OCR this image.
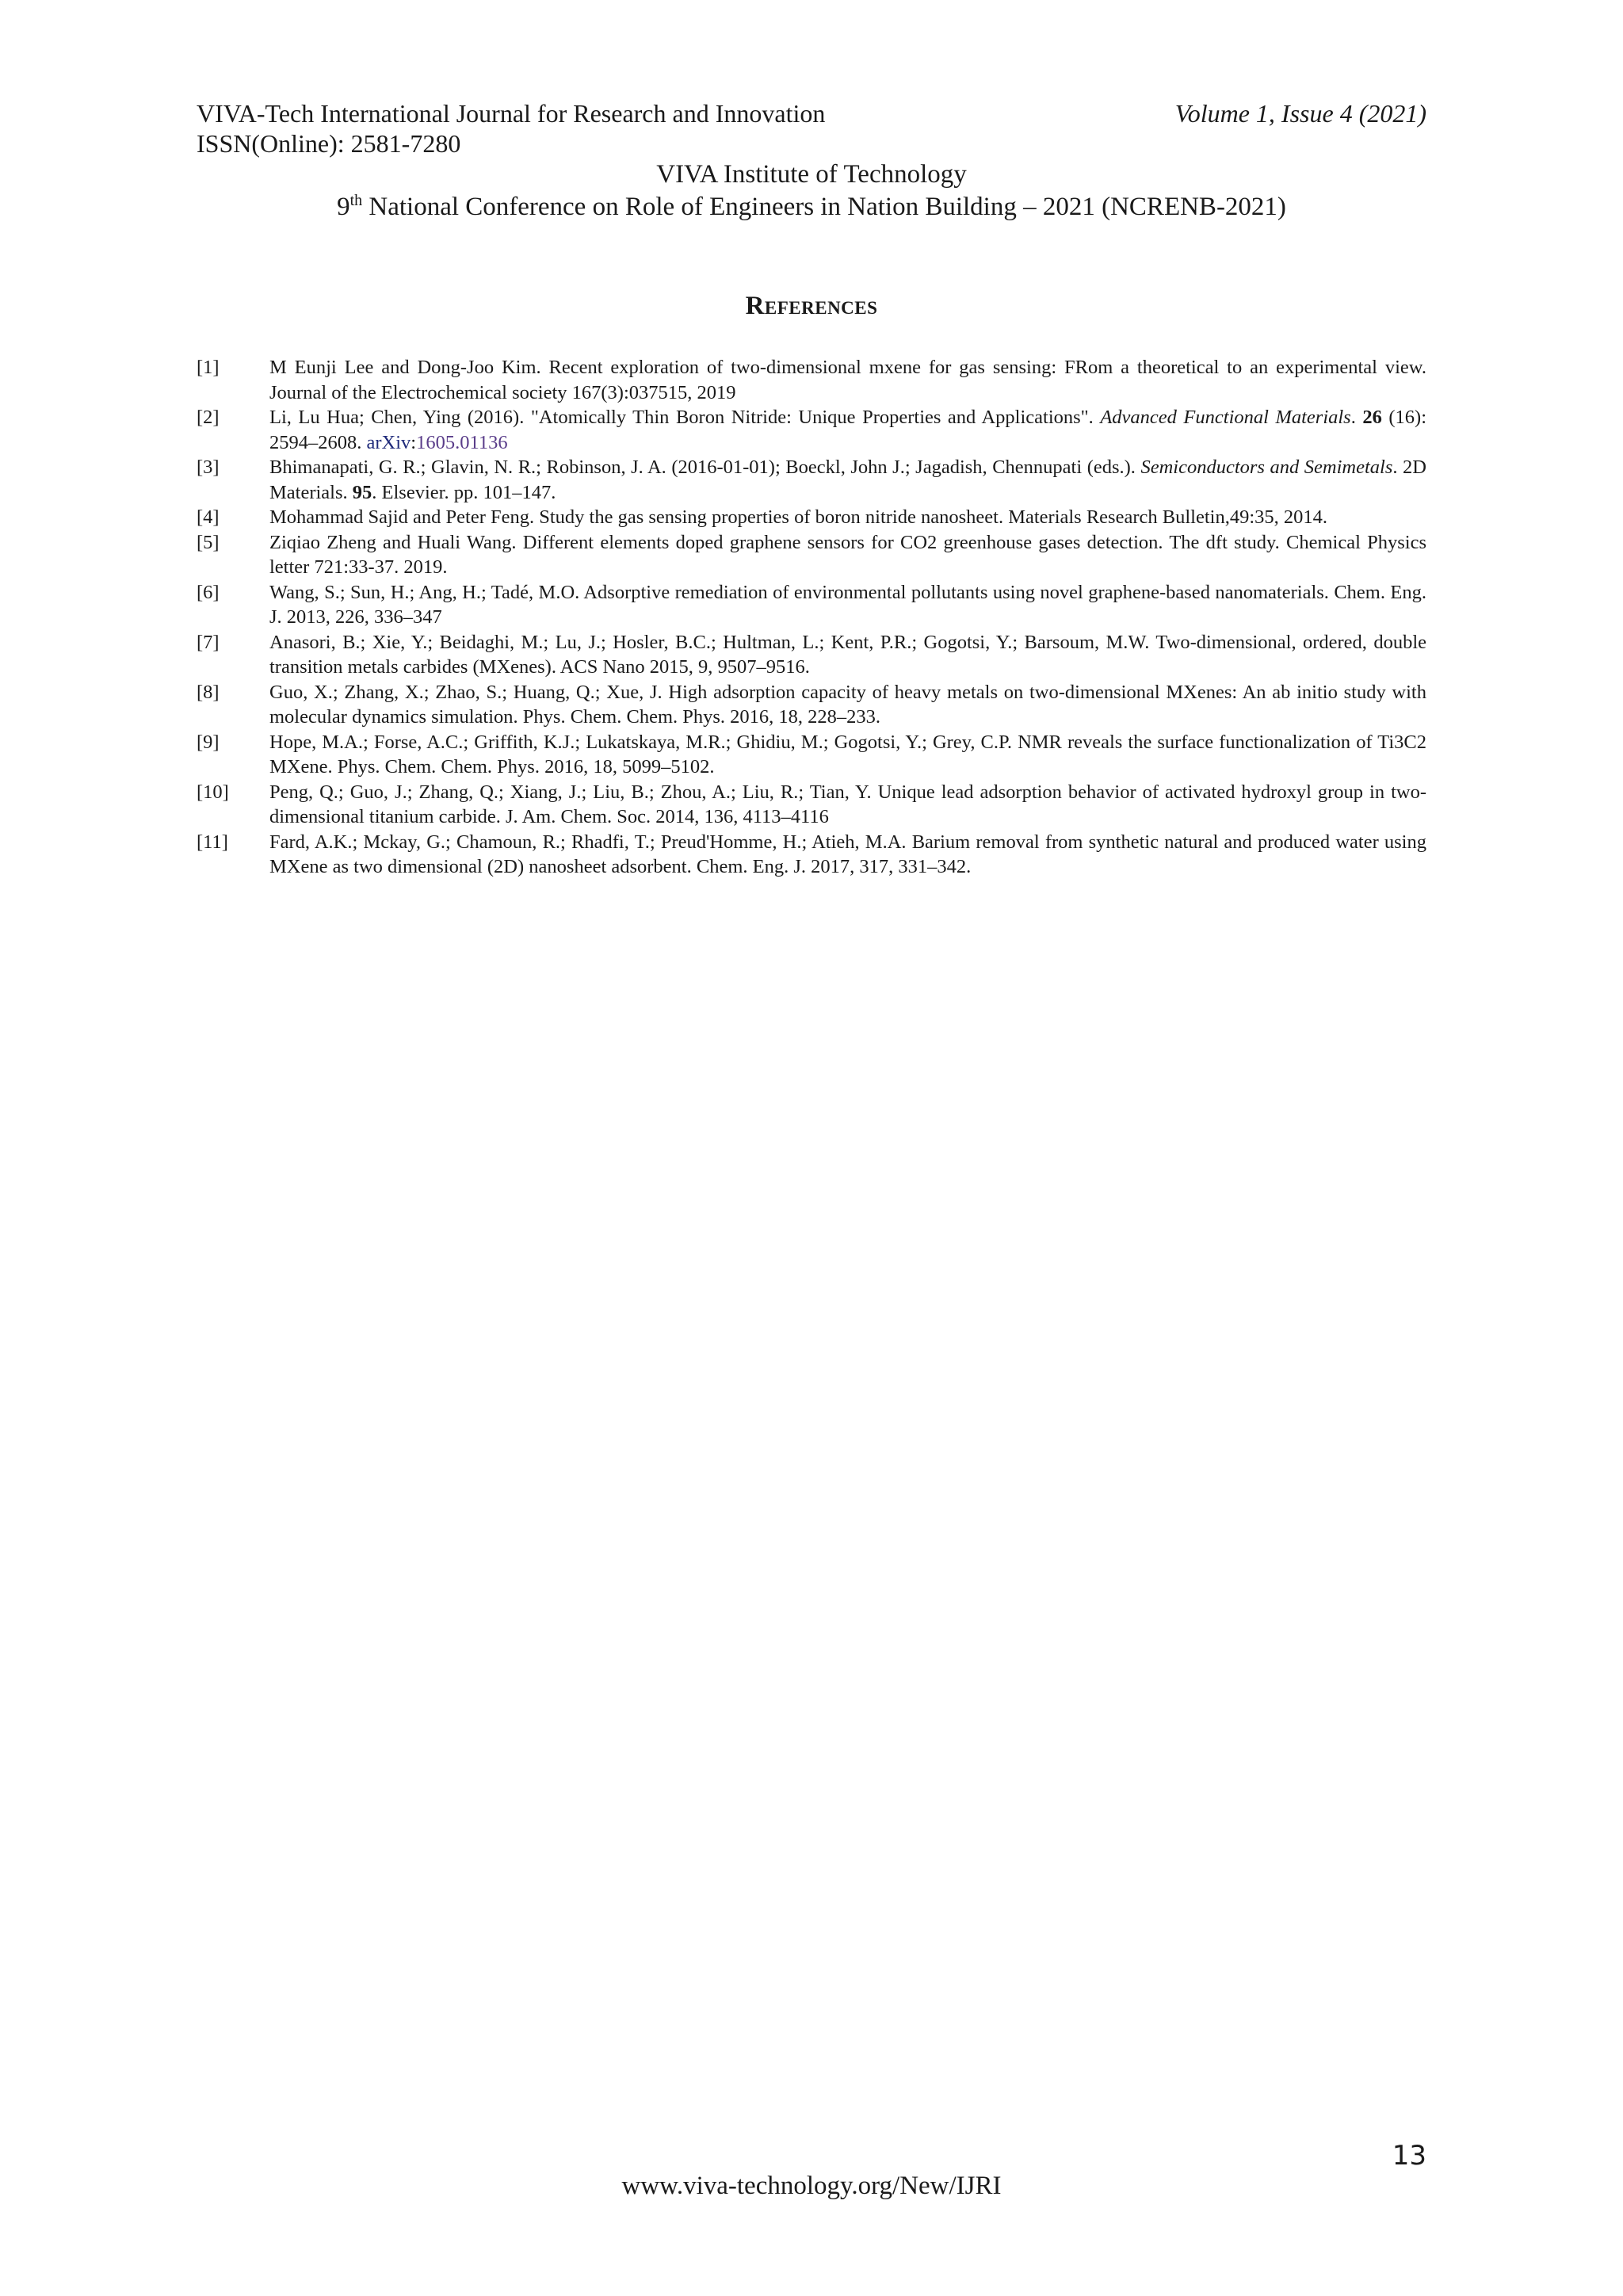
VIVA-Tech International Journal for Research and Innovation
ISSN(Online): 2581-7280
Volume 1, Issue 4 (2021)
VIVA Institute of Technology
9th National Conference on Role of Engineers in Nation Building – 2021 (NCRENB-2021)
References
[1]	M Eunji Lee and Dong-Joo Kim. Recent exploration of two-dimensional mxene for gas sensing: FRom a theoretical to an experimental view. Journal of the Electrochemical society 167(3):037515, 2019
[2]	Li, Lu Hua; Chen, Ying (2016). "Atomically Thin Boron Nitride: Unique Properties and Applications". Advanced Functional Materials. 26 (16): 2594–2608. arXiv:1605.01136
[3]	Bhimanapati, G. R.; Glavin, N. R.; Robinson, J. A. (2016-01-01); Boeckl, John J.; Jagadish, Chennupati (eds.). Semiconductors and Semimetals. 2D Materials. 95. Elsevier. pp. 101–147.
[4]	Mohammad Sajid and Peter Feng. Study the gas sensing properties of boron nitride nanosheet. Materials Research Bulletin,49:35, 2014.
[5]	Ziqiao Zheng and Huali Wang. Different elements doped graphene sensors for CO2 greenhouse gases detection. The dft study. Chemical Physics letter 721:33-37. 2019.
[6]	Wang, S.; Sun, H.; Ang, H.; Tadé, M.O. Adsorptive remediation of environmental pollutants using novel graphene-based nanomaterials. Chem. Eng. J. 2013, 226, 336–347
[7]	Anasori, B.; Xie, Y.; Beidaghi, M.; Lu, J.; Hosler, B.C.; Hultman, L.; Kent, P.R.; Gogotsi, Y.; Barsoum, M.W. Two-dimensional, ordered, double transition metals carbides (MXenes). ACS Nano 2015, 9, 9507–9516.
[8]	Guo, X.; Zhang, X.; Zhao, S.; Huang, Q.; Xue, J. High adsorption capacity of heavy metals on two-dimensional MXenes: An ab initio study with molecular dynamics simulation. Phys. Chem. Chem. Phys. 2016, 18, 228–233.
[9]	Hope, M.A.; Forse, A.C.; Griffith, K.J.; Lukatskaya, M.R.; Ghidiu, M.; Gogotsi, Y.; Grey, C.P. NMR reveals the surface functionalization of Ti3C2 MXene. Phys. Chem. Chem. Phys. 2016, 18, 5099–5102.
[10]	Peng, Q.; Guo, J.; Zhang, Q.; Xiang, J.; Liu, B.; Zhou, A.; Liu, R.; Tian, Y. Unique lead adsorption behavior of activated hydroxyl group in two-dimensional titanium carbide. J. Am. Chem. Soc. 2014, 136, 4113–4116
[11]	Fard, A.K.; Mckay, G.; Chamoun, R.; Rhadfi, T.; Preud'Homme, H.; Atieh, M.A. Barium removal from synthetic natural and produced water using MXene as two dimensional (2D) nanosheet adsorbent. Chem. Eng. J. 2017, 317, 331–342.
13
www.viva-technology.org/New/IJRI
